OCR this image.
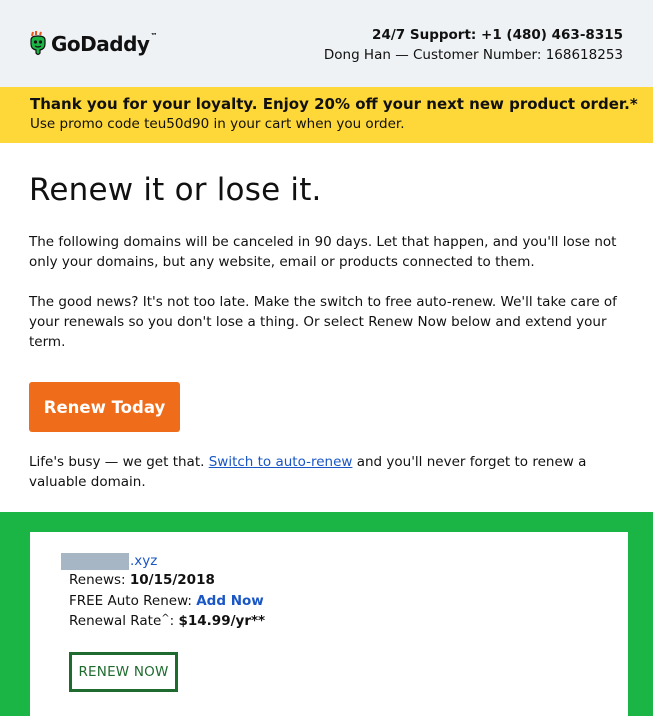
GoDaddy™	24/7 Support: +1 (480) 463-8315
Dong Han — Customer Number: 168618253
Thank you for your loyalty. Enjoy 20% off your next new product order.*
Use promo code teu50d90 in your cart when you order.
Renew it or lose it.

The following domains will be canceled in 90 days. Let that happen, and you'll lose not only your domains, but any website, email or products connected to them.

The good news? It's not too late. Make the switch to free auto-renew. We'll take care of your renewals so you don't lose a thing. Or select Renew Now below and extend your term.

Renew Today

Life's busy — we get that. Switch to auto-renew and you'll never forget to renew a valuable domain.

.xyz
Renews: 10/15/2018
FREE Auto Renew: Add Now
Renewal Rate^: $14.99/yr**
RENEW NOW
